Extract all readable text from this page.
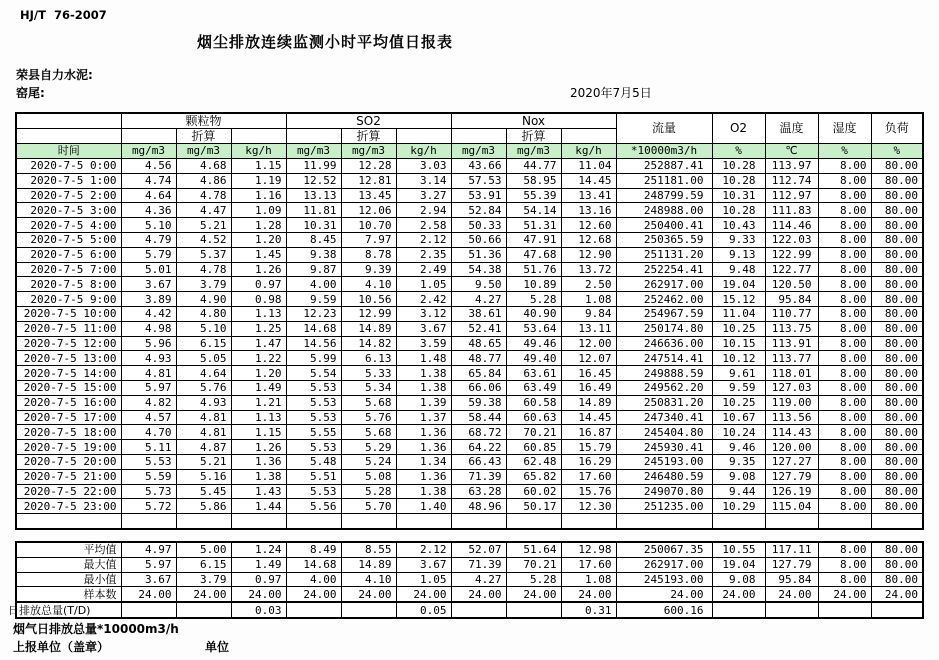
HJ/T  76-2007
烟尘排放连续监测小时平均值日报表
荣县自力水泥:
窑尾:	2020年7月5日
	颗粒物			SO2			Nox			流量	O2	温度	湿度	负荷
		折算			折算			折算						
时间	mg/m3	mg/m3	kg/h	mg/m3	mg/m3	kg/h	mg/m3	mg/m3	kg/h	*10000m3/h	%	℃	%	%
2020-7-5 0:00	4.56	4.68	1.15	11.99	12.28	3.03	43.66	44.77	11.04	252887.41	10.28	113.97	8.00	80.00
2020-7-5 1:00	4.74	4.86	1.19	12.52	12.81	3.14	57.53	58.95	14.45	251181.00	10.28	112.74	8.00	80.00
2020-7-5 2:00	4.64	4.78	1.16	13.13	13.45	3.27	53.91	55.39	13.41	248799.59	10.31	112.97	8.00	80.00
2020-7-5 3:00	4.36	4.47	1.09	11.81	12.06	2.94	52.84	54.14	13.16	248988.00	10.28	111.83	8.00	80.00
2020-7-5 4:00	5.10	5.21	1.28	10.31	10.70	2.58	50.33	51.31	12.60	250400.41	10.43	114.46	8.00	80.00
2020-7-5 5:00	4.79	4.52	1.20	8.45	7.97	2.12	50.66	47.91	12.68	250365.59	9.33	122.03	8.00	80.00
2020-7-5 6:00	5.79	5.37	1.45	9.38	8.78	2.35	51.36	47.68	12.90	251131.20	9.13	122.99	8.00	80.00
2020-7-5 7:00	5.01	4.78	1.26	9.87	9.39	2.49	54.38	51.76	13.72	252254.41	9.48	122.77	8.00	80.00
2020-7-5 8:00	3.67	3.79	0.97	4.00	4.10	1.05	9.50	10.89	2.50	262917.00	19.04	120.50	8.00	80.00
2020-7-5 9:00	3.89	4.90	0.98	9.59	10.56	2.42	4.27	5.28	1.08	252462.00	15.12	95.84	8.00	80.00
2020-7-5 10:00	4.42	4.80	1.13	12.23	12.99	3.12	38.61	40.90	9.84	254967.59	11.04	110.77	8.00	80.00
2020-7-5 11:00	4.98	5.10	1.25	14.68	14.89	3.67	52.41	53.64	13.11	250174.80	10.25	113.75	8.00	80.00
2020-7-5 12:00	5.96	6.15	1.47	14.56	14.82	3.59	48.65	49.46	12.00	246636.00	10.15	113.91	8.00	80.00
2020-7-5 13:00	4.93	5.05	1.22	5.99	6.13	1.48	48.77	49.40	12.07	247514.41	10.12	113.77	8.00	80.00
2020-7-5 14:00	4.81	4.64	1.20	5.54	5.33	1.38	65.84	63.61	16.45	249888.59	9.61	118.01	8.00	80.00
2020-7-5 15:00	5.97	5.76	1.49	5.53	5.34	1.38	66.06	63.49	16.49	249562.20	9.59	127.03	8.00	80.00
2020-7-5 16:00	4.82	4.93	1.21	5.53	5.68	1.39	59.38	60.58	14.89	250831.20	10.25	119.00	8.00	80.00
2020-7-5 17:00	4.57	4.81	1.13	5.53	5.76	1.37	58.44	60.63	14.45	247340.41	10.67	113.56	8.00	80.00
2020-7-5 18:00	4.70	4.81	1.15	5.55	5.68	1.36	68.72	70.21	16.87	245404.80	10.24	114.43	8.00	80.00
2020-7-5 19:00	5.11	4.87	1.26	5.53	5.29	1.36	64.22	60.85	15.79	245930.41	9.46	120.00	8.00	80.00
2020-7-5 20:00	5.53	5.21	1.36	5.48	5.24	1.34	66.43	62.48	16.29	245193.00	9.35	127.27	8.00	80.00
2020-7-5 21:00	5.59	5.16	1.38	5.51	5.08	1.36	71.39	65.82	17.60	246480.59	9.08	127.79	8.00	80.00
2020-7-5 22:00	5.73	5.45	1.43	5.53	5.28	1.38	63.28	60.02	15.76	249070.80	9.44	126.19	8.00	80.00
2020-7-5 23:00	5.72	5.86	1.44	5.56	5.70	1.40	48.96	50.17	12.30	251235.00	10.29	115.04	8.00	80.00

平均值	4.97	5.00	1.24	8.49	8.55	2.12	52.07	51.64	12.98	250067.35	10.55	117.11	8.00	80.00
最大值	5.97	6.15	1.49	14.68	14.89	3.67	71.39	70.21	17.60	262917.00	19.04	127.79	8.00	80.00
最小值	3.67	3.79	0.97	4.00	4.10	1.05	4.27	5.28	1.08	245193.00	9.08	95.84	8.00	80.00
样本数	24.00	24.00	24.00	24.00	24.00	24.00	24.00	24.00	24.00	24.00	24.00	24.00	24.00	24.00
日排放总量(T/D)			0.03			0.05			0.31	600.16				
烟气日排放总量*10000m3/h
上报单位（盖章）	单位
